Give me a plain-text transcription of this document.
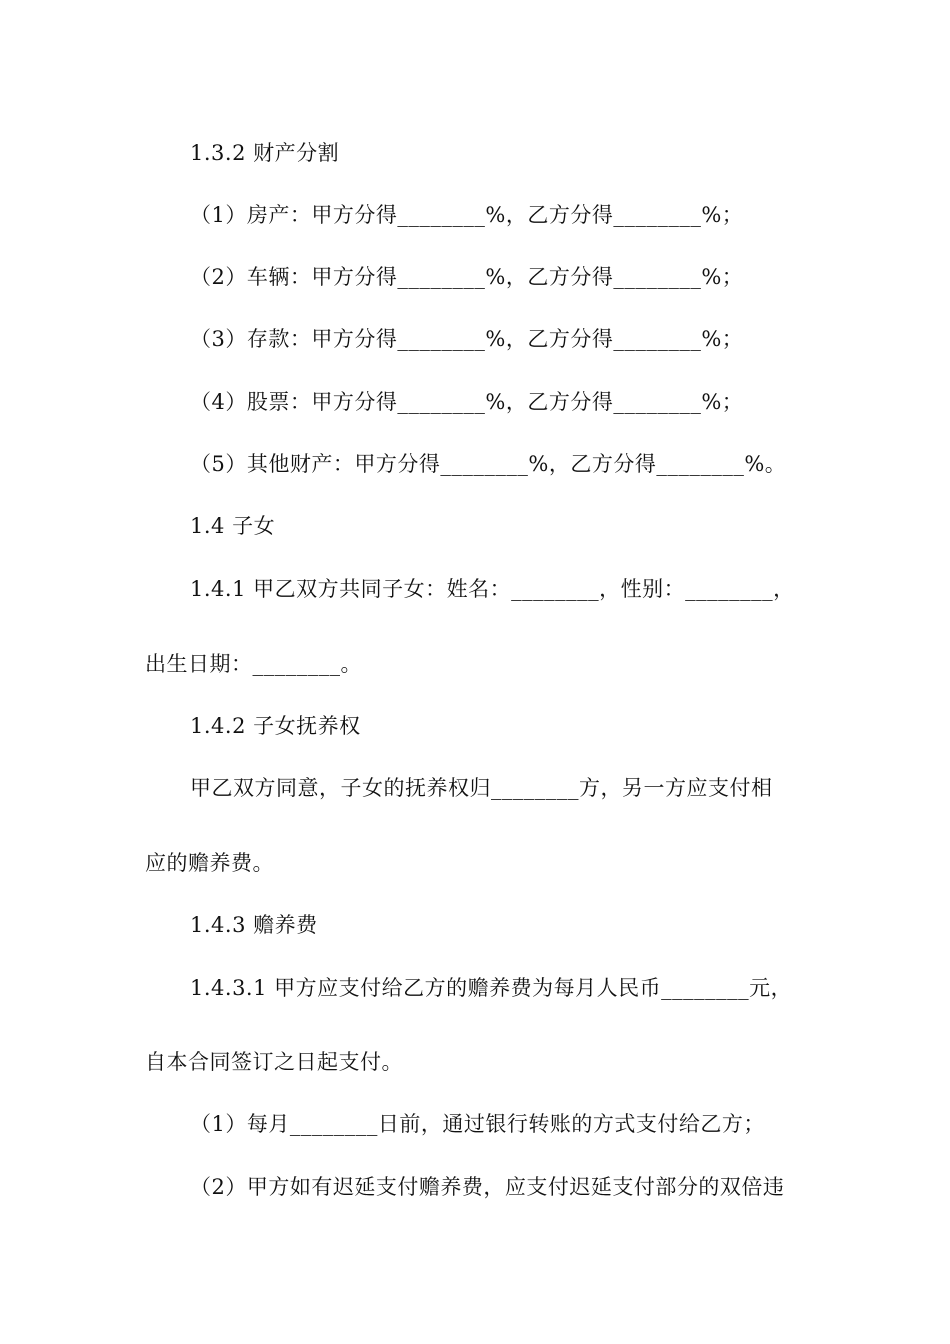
1.3.2 财产分割
（1）房产：甲方分得________%，乙方分得________%；
（2）车辆：甲方分得________%，乙方分得________%；
（3）存款：甲方分得________%，乙方分得________%；
（4）股票：甲方分得________%，乙方分得________%；
（5）其他财产：甲方分得________%，乙方分得________%。
1.4 子女
1.4.1 甲乙双方共同子女：姓名：________，性别：________，
出生日期：________。
1.4.2 子女抚养权
甲乙双方同意，子女的抚养权归________方，另一方应支付相
应的赡养费。
1.4.3 赡养费
1.4.3.1 甲方应支付给乙方的赡养费为每月人民币________元，
自本合同签订之日起支付。
（1）每月________日前，通过银行转账的方式支付给乙方；
（2）甲方如有迟延支付赡养费，应支付迟延支付部分的双倍违
